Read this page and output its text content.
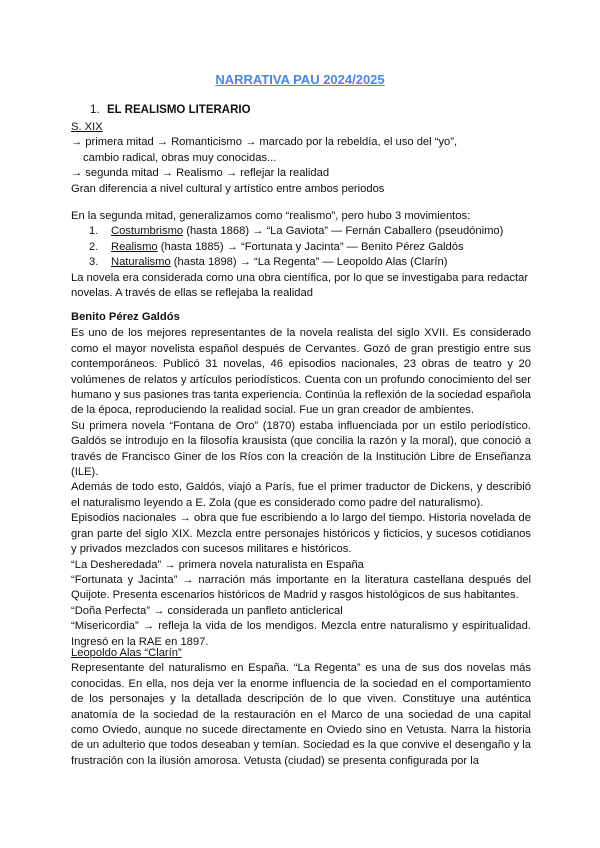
NARRATIVA PAU 2024/2025
1. EL REALISMO LITERARIO
S. XIX
→ primera mitad → Romanticismo → marcado por la rebeldía, el uso del “yo”,
cambio radical, obras muy conocidas...
→ segunda mitad → Realismo → reflejar la realidad
Gran diferencia a nivel cultural y artístico entre ambos periodos
En la segunda mitad, generalizamos como “realismo”, pero hubo 3 movimientos:
1. Costumbrismo (hasta 1868) → “La Gaviota” — Fernán Caballero (pseudónimo)
2. Realismo (hasta 1885) → “Fortunata y Jacinta” — Benito Pérez Galdós
3. Naturalismo (hasta 1898) → “La Regenta” — Leopoldo Alas (Clarín)
La novela era considerada como una obra científica, por lo que se investigaba para redactar novelas. A través de ellas se reflejaba la realidad
Benito Pérez Galdós
Es uno de los mejores representantes de la novela realista del siglo XVII. Es considerado como el mayor novelista español después de Cervantes. Gozó de gran prestigio entre sus contemporáneos. Publicó 31 novelas, 46 episodios nacionales, 23 obras de teatro y 20 volúmenes de relatos y artículos periodísticos. Cuenta con un profundo conocimiento del ser humano y sus pasiones tras tanta experiencia. Continúa la reflexión de la sociedad española de la época, reproduciendo la realidad social. Fue un gran creador de ambientes.
Su primera novela “Fontana de Oro” (1870) estaba influenciada por un estilo periodístico. Galdós se introdujo en la filosofía krausista (que concilia la razón y la moral), que conoció a través de Francisco Giner de los Ríos con la creación de la Institución Libre de Enseñanza (ILE).
Además de todo esto, Galdós, viajó a París, fue el primer traductor de Dickens, y describió el naturalismo leyendo a E. Zola (que es considerado como padre del naturalismo).
Episodios nacionales → obra que fue escribiendo a lo largo del tiempo. Historia novelada de gran parte del siglo XIX. Mezcla entre personajes históricos y ficticios, y sucesos cotidianos y privados mezclados con sucesos militares e históricos.
“La Desheredada” → primera novela naturalista en España
“Fortunata y Jacinta” → narración más importante en la literatura castellana después del Quijote. Presenta escenarios históricos de Madrid y rasgos histológicos de sus habitantes.
“Doña Perfecta” → considerada un panfleto anticlerical
“Misericordia” → refleja la vida de los mendigos. Mezcla entre naturalismo y espiritualidad. Ingresó en la RAE en 1897.
Leopoldo Alas “Clarín”
Representante del naturalismo en España. “La Regenta” es una de sus dos novelas más conocidas. En ella, nos deja ver la enorme influencia de la sociedad en el comportamiento de los personajes y la detallada descripción de lo que viven. Constituye una auténtica anatomía de la sociedad de la restauración en el Marco de una sociedad de una capital como Oviedo, aunque no sucede directamente en Oviedo sino en Vetusta. Narra la historia de un adulterio que todos deseaban y temían. Sociedad es la que convive el desengaño y la frustración con la ilusión amorosa. Vetusta (ciudad) se presenta configurada por la
